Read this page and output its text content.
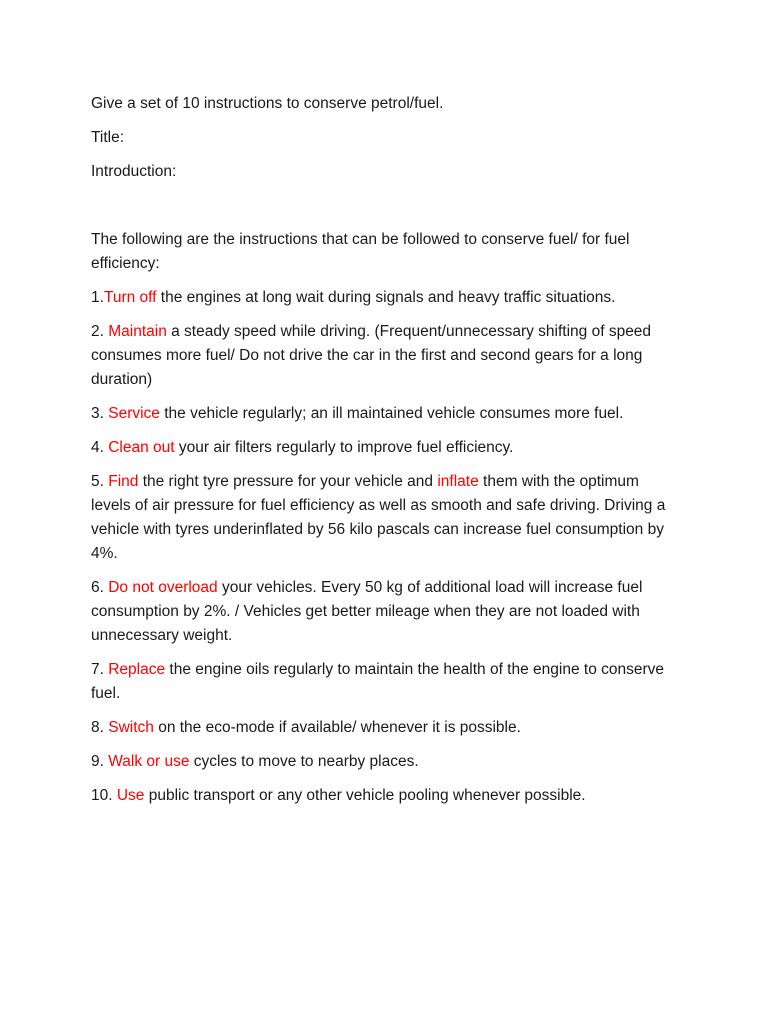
Give a set of 10 instructions to conserve petrol/fuel.

Title:

Introduction:

The following are the instructions that can be followed to conserve fuel/ for fuel efficiency:

1.Turn off the engines at long wait during signals and heavy traffic situations.

2. Maintain a steady speed while driving. (Frequent/unnecessary shifting of speed consumes more fuel/ Do not drive the car in the first and second gears for a long duration)

3. Service the vehicle regularly; an ill maintained vehicle consumes more fuel.

4. Clean out your air filters regularly to improve fuel efficiency.

5. Find the right tyre pressure for your vehicle and inflate them with the optimum levels of air pressure for fuel efficiency as well as smooth and safe driving. Driving a vehicle with tyres underinflated by 56 kilo pascals can increase fuel consumption by 4%.

6. Do not overload your vehicles. Every 50 kg of additional load will increase fuel consumption by 2%. / Vehicles get better mileage when they are not loaded with unnecessary weight.

7. Replace the engine oils regularly to maintain the health of the engine to conserve fuel.

8. Switch on the eco-mode if available/ whenever it is possible.

9. Walk or use cycles to move to nearby places.

10. Use public transport or any other vehicle pooling whenever possible.
